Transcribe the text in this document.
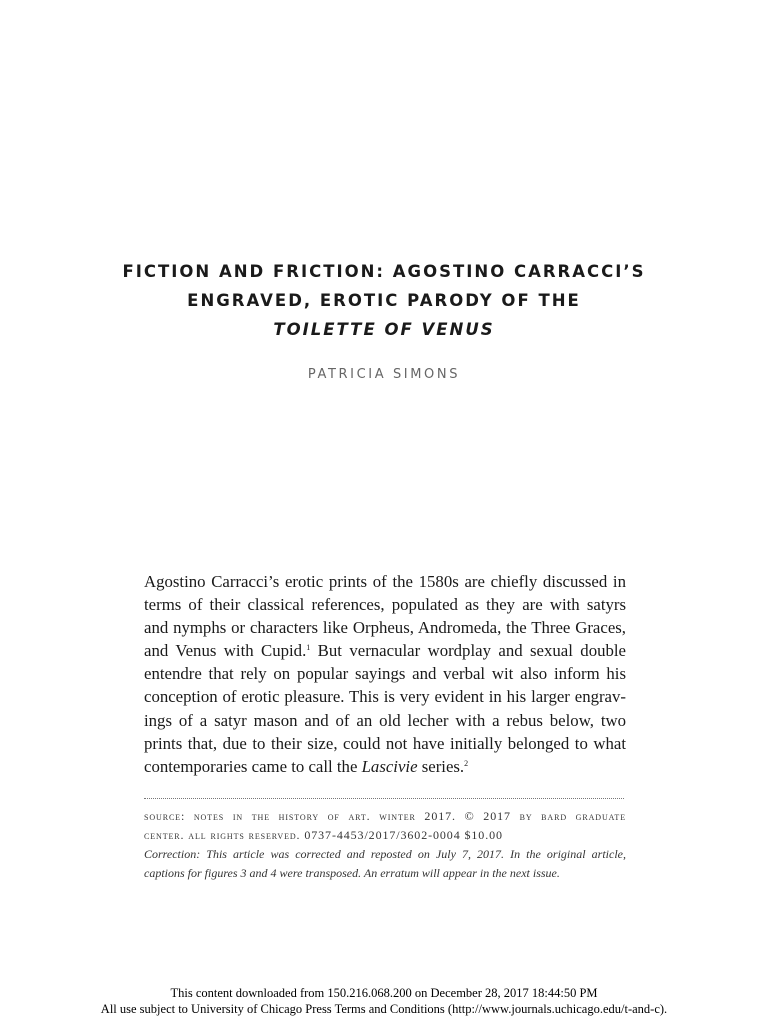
FICTION AND FRICTION: AGOSTINO CARRACCI’S
ENGRAVED, EROTIC PARODY OF THE
TOILETTE OF VENUS
PATRICIA SIMONS
Agostino Carracci’s erotic prints of the 1580s are chiefly discussed in
terms of their classical references, populated as they are with satyrs
and nymphs or characters like Orpheus, Andromeda, the Three Graces,
and Venus with Cupid.$^1$ But vernacular wordplay and sexual double
entendre that rely on popular sayings and verbal wit also inform his
conception of erotic pleasure. This is very evident in his larger engrav-
ings of a satyr mason and of an old lecher with a rebus below, two
prints that, due to their size, could not have initially belonged to what
contemporaries came to call the Lascivie series.$^2$
source: notes in the history of art. winter 2017. © 2017 by bard graduate
center. all rights reserved. 0737-4453/2017/3602-0004 $10.00
Correction: This article was corrected and reposted on July 7, 2017. In the original article,
captions for figures 3 and 4 were transposed. An erratum will appear in the next issue.
This content downloaded from 150.216.068.200 on December 28, 2017 18:44:50 PM
All use subject to University of Chicago Press Terms and Conditions (http://www.journals.uchicago.edu/t-and-c).
